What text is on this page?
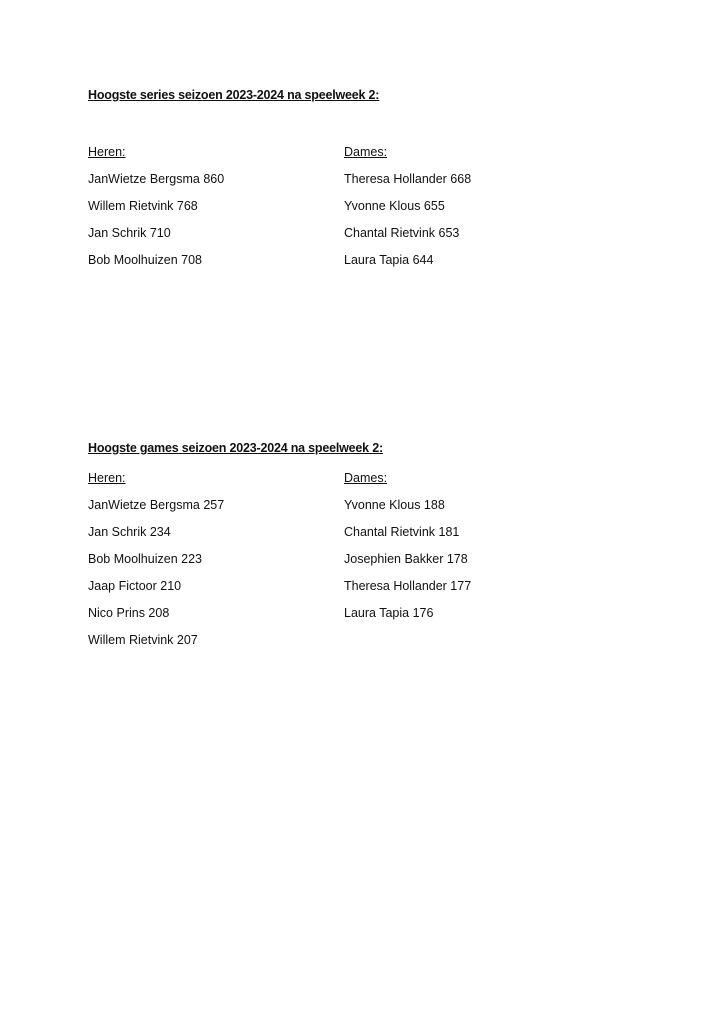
Hoogste series seizoen 2023-2024 na speelweek 2:
Heren:
JanWietze Bergsma 860
Willem Rietvink 768
Jan Schrik 710
Bob Moolhuizen 708
Dames:
Theresa Hollander 668
Yvonne Klous 655
Chantal Rietvink 653
Laura Tapia 644
Hoogste games seizoen 2023-2024 na speelweek 2:
Heren:
JanWietze Bergsma 257
Jan Schrik 234
Bob Moolhuizen 223
Jaap Fictoor 210
Nico Prins 208
Willem Rietvink 207
Dames:
Yvonne Klous 188
Chantal Rietvink 181
Josephien Bakker 178
Theresa Hollander 177
Laura Tapia 176
